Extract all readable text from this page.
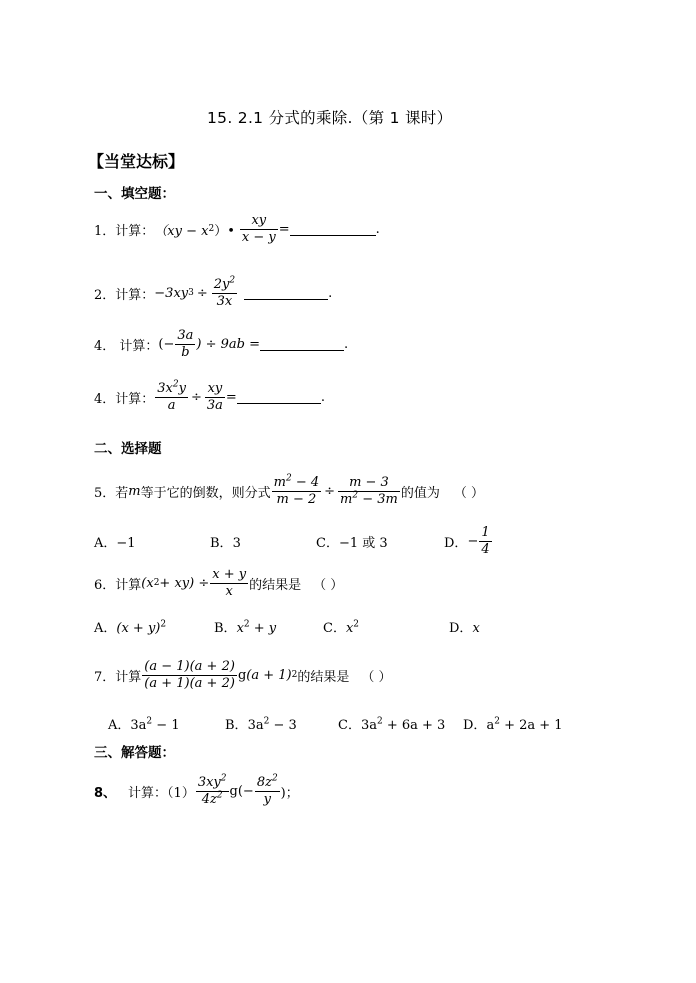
15. 2.1 分式的乘除.（第 1 课时）
【当堂达标】
一、填空题：
1．计算： （xy − x 2 ）• $\frac{xy}{x - y}$ =	.
2．计算： −3xy $3 \div \frac{2y^2}{3x}$	.
4． 计算： (− $\frac{3a}{b}$ ) ÷ 9ab =	.
4．计算： $\frac{3x^2y}{a} \div \frac{xy}{3a}$ =	.
二、选择题
5．若 m 等于它的倒数，则分式 $\frac{m^2 - 4}{m - 2} \div \frac{m - 3}{m^2 - 3m}$ 的值为 （ ）
A．−1	B．3	C．−1 或 3	D． − $\frac{1}{4}$
6．计算 (x $2 + xy) \div \frac{x + y}{x}$ 的结果是 （ ）
A．$(x + y)^2$	B．$x^2 + y$	C．$x^2$	D．x
7．计算 $\frac{(a - 1)(a + 2)}{(a + 1)(a + 2)}$ g (a + 1) 2 的结果是 （ ）
A．$3a^2 - 1$	B．$3a^2 - 3$	C．$3a^2 + 6a + 3$ D．$a^2 + 2a + 1$
三、解答题：
8、 计算：$(1) \frac{3xy^2}{4z^2} g(- \frac{8z^2}{y}$ )；
